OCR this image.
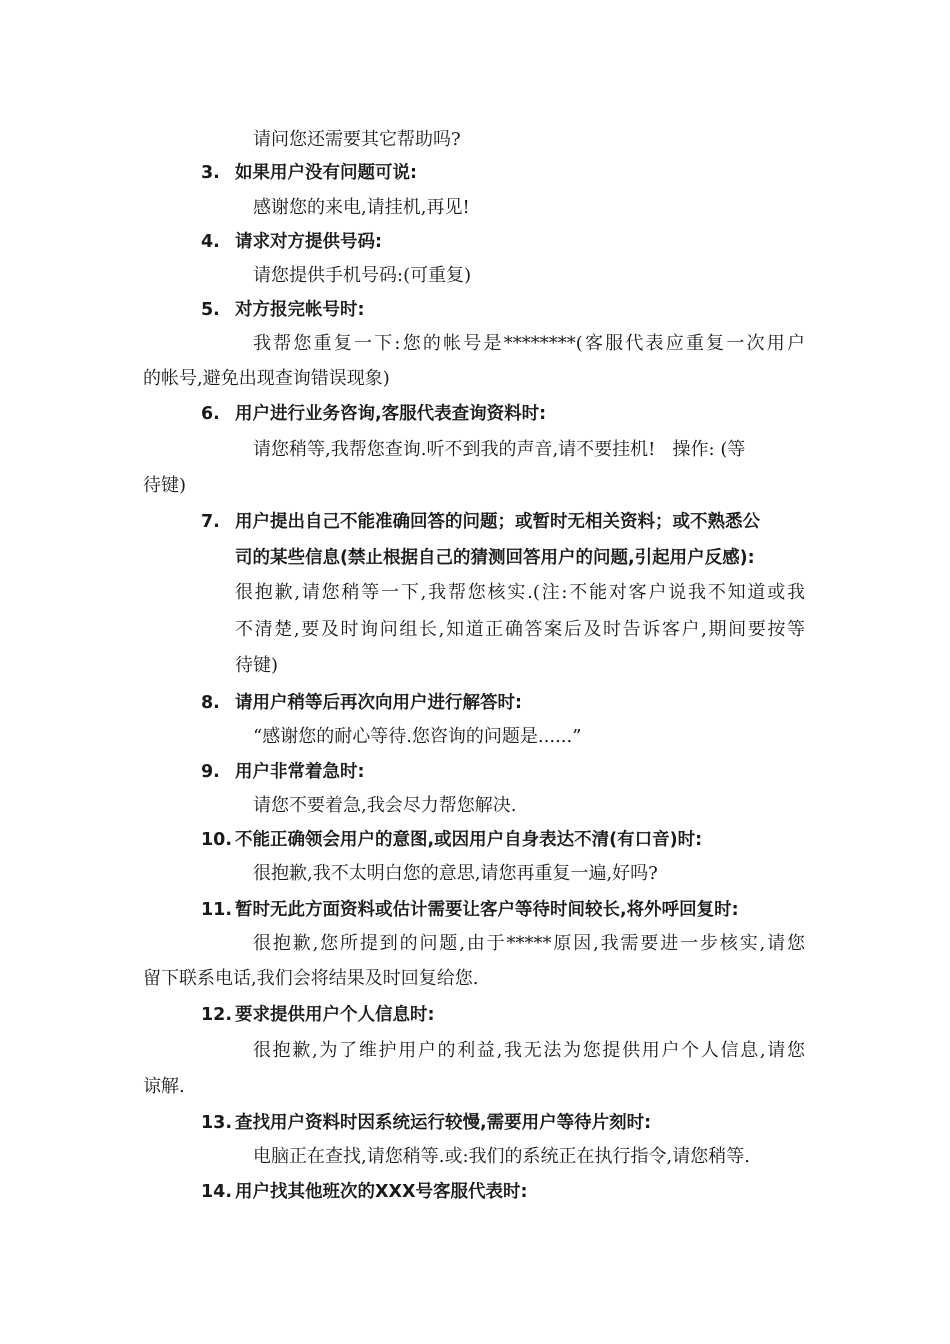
请问您还需要其它帮助吗?
3. 如果用户没有问题可说:
感谢您的来电,请挂机,再见!
4. 请求对方提供号码:
请您提供手机号码:(可重复)
5. 对方报完帐号时:
我帮您重复一下:您的帐号是********(客服代表应重复一次用户
的帐号,避免出现查询错误现象)
6. 用户进行业务咨询,客服代表查询资料时:
请您稍等,我帮您查询.听不到我的声音,请不要挂机!   操作: (等
待键)
7. 用户提出自己不能准确回答的问题；或暂时无相关资料；或不熟悉公
司的某些信息(禁止根据自己的猜测回答用户的问题,引起用户反感):
很抱歉,请您稍等一下,我帮您核实.(注:不能对客户说我不知道或我
不清楚,要及时询问组长,知道正确答案后及时告诉客户,期间要按等
待键)
8. 请用户稍等后再次向用户进行解答时:
“感谢您的耐心等待.您咨询的问题是......”
9. 用户非常着急时:
请您不要着急,我会尽力帮您解决.
10. 不能正确领会用户的意图,或因用户自身表达不清(有口音)时:
很抱歉,我不太明白您的意思,请您再重复一遍,好吗?
11. 暂时无此方面资料或估计需要让客户等待时间较长,将外呼回复时:
很抱歉,您所提到的问题,由于*****原因,我需要进一步核实,请您
留下联系电话,我们会将结果及时回复给您.
12. 要求提供用户个人信息时:
很抱歉,为了维护用户的利益,我无法为您提供用户个人信息,请您
谅解.
13. 查找用户资料时因系统运行较慢,需要用户等待片刻时:
电脑正在查找,请您稍等.或:我们的系统正在执行指令,请您稍等.
14. 用户找其他班次的XXX号客服代表时:
